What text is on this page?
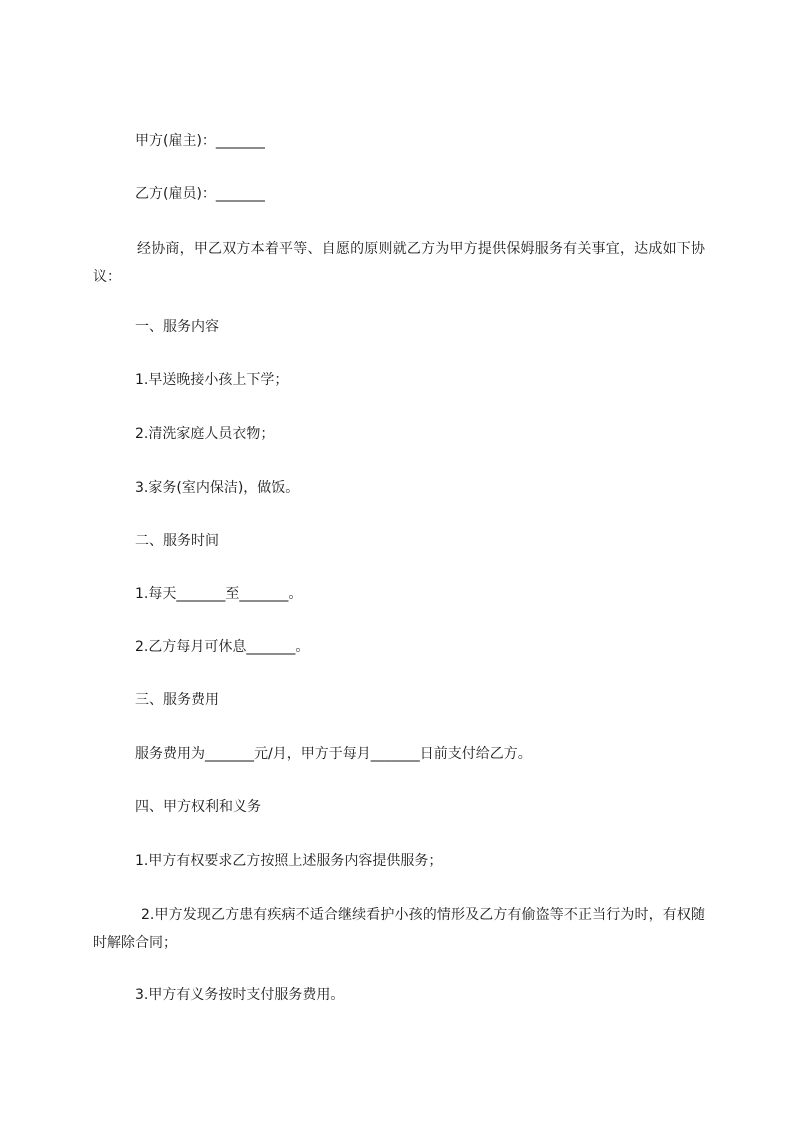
甲方(雇主)：_______
乙方(雇员)：_______
经协商，甲乙双方本着平等、自愿的原则就乙方为甲方提供保姆服务有关事宜，达成如下协议：
一、服务内容
1.早送晚接小孩上下学；
2.清洗家庭人员衣物；
3.家务(室内保洁)，做饭。
二、服务时间
1.每天_______至_______。
2.乙方每月可休息_______。
三、服务费用
服务费用为_______元/月，甲方于每月_______日前支付给乙方。
四、甲方权利和义务
1.甲方有权要求乙方按照上述服务内容提供服务；
2.甲方发现乙方患有疾病不适合继续看护小孩的情形及乙方有偷盗等不正当行为时，有权随时解除合同；
3.甲方有义务按时支付服务费用。
